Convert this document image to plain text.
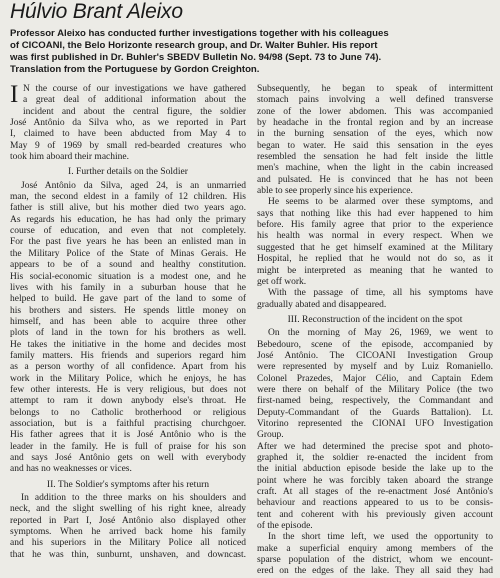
Húlvio Brant Aleixo
Professor Aleixo has conducted further investigations together with his colleagues
of CICOANI, the Belo Horizonte research group, and Dr. Walter Buhler. His report
was first published in Dr. Buhler's SBEDV Bulletin No. 94/98 (Sept. 73 to June 74).
Translation from the Portuguese by Gordon Creighton.
I N the course of our investigations we have gathered
a great deal of additional information about the
incident and about the central figure, the soldier
José Antônio da Silva who, as we reported in Part
I, claimed to have been abducted from May 4 to
May 9 of 1969 by small red-bearded creatures who
took him aboard their machine.
I. Further details on the Soldier
José Antônio da Silva, aged 24, is an unmarried
man, the second eldest in a family of 12 children. His
father is still alive, but his mother died two years ago.
As regards his education, he has had only the primary
course of education, and even that not completely.
For the past five years he has been an enlisted man in
the Military Police of the State of Minas Gerais. He
appears to be of a sound and healthy constitution.
His social-economic situation is a modest one, and he
lives with his family in a suburban house that he
helped to build. He gave part of the land to some of
his brothers and sisters. He spends little money on
himself, and has been able to acquire three other
plots of land in the town for his brothers as well.
He takes the initiative in the home and decides most
family matters. His friends and superiors regard him
as a person worthy of all confidence. Apart from his
work in the Military Police, which he enjoys, he has
few other interests. He is very religious, but does not
attempt to ram it down anybody else's throat. He
belongs to no Catholic brotherhood or religious
association, but is a faithful practising churchgoer.
His father agrees that it is José Antônio who is the
leader in the family. He is full of praise for his son
and says José Antônio gets on well with everybody
and has no weaknesses or vices.
II. The Soldier's symptoms after his return
In addition to the three marks on his shoulders and
neck, and the slight swelling of his right knee, already
reported in Part I, José Antônio also displayed other
symptoms. When he arrived back home his family
and his superiors in the Military Police all noticed
that he was thin, sunburnt, unshaven, and downcast.
Subsequently, he began to speak of intermittent
stomach pains involving a well defined transverse
zone of the lower abdomen. This was accompanied
by headache in the frontal region and by an increase
in the burning sensation of the eyes, which now
began to water. He said this sensation in the eyes
resembled the sensation he had felt inside the little
men's machine, when the light in the cabin increased
and pulsated. He is convinced that he has not been
able to see properly since his experience.
He seems to be alarmed over these symptoms, and
says that nothing like this had ever happened to him
before. His family agree that prior to the experience
his health was normal in every respect. When we
suggested that he get himself examined at the Military
Hospital, he replied that he would not do so, as it
might be interpreted as meaning that he wanted to
get off work.
With the passage of time, all his symptoms have
gradually abated and disappeared.
III. Reconstruction of the incident on the spot
On the morning of May 26, 1969, we went to
Bebedouro, scene of the episode, accompanied by
José Antônio. The CICOANI Investigation Group
were represented by myself and by Luiz Romaniello.
Colonel Prazedes, Major Célio, and Captain Edem
were there on behalf of the Military Police (the two
first-named being, respectively, the Commandant and
Deputy-Commandant of the Guards Battalion). Lt.
Vitorino represented the CIONAI UFO Investigation
Group.
After we had determined the precise spot and photo-
graphed it, the soldier re-enacted the incident from
the initial abduction episode beside the lake up to the
point where he was forcibly taken aboard the strange
craft. At all stages of the re-enactment José Antônio's
behaviour and reactions appeared to us to be consis-
tent and coherent with his previously given account
of the episode.
In the short time left, we used the opportunity to
make a superficial enquiry among members of the
sparse population of the district, whom we encount-
ered on the edges of the lake. They all said they had
